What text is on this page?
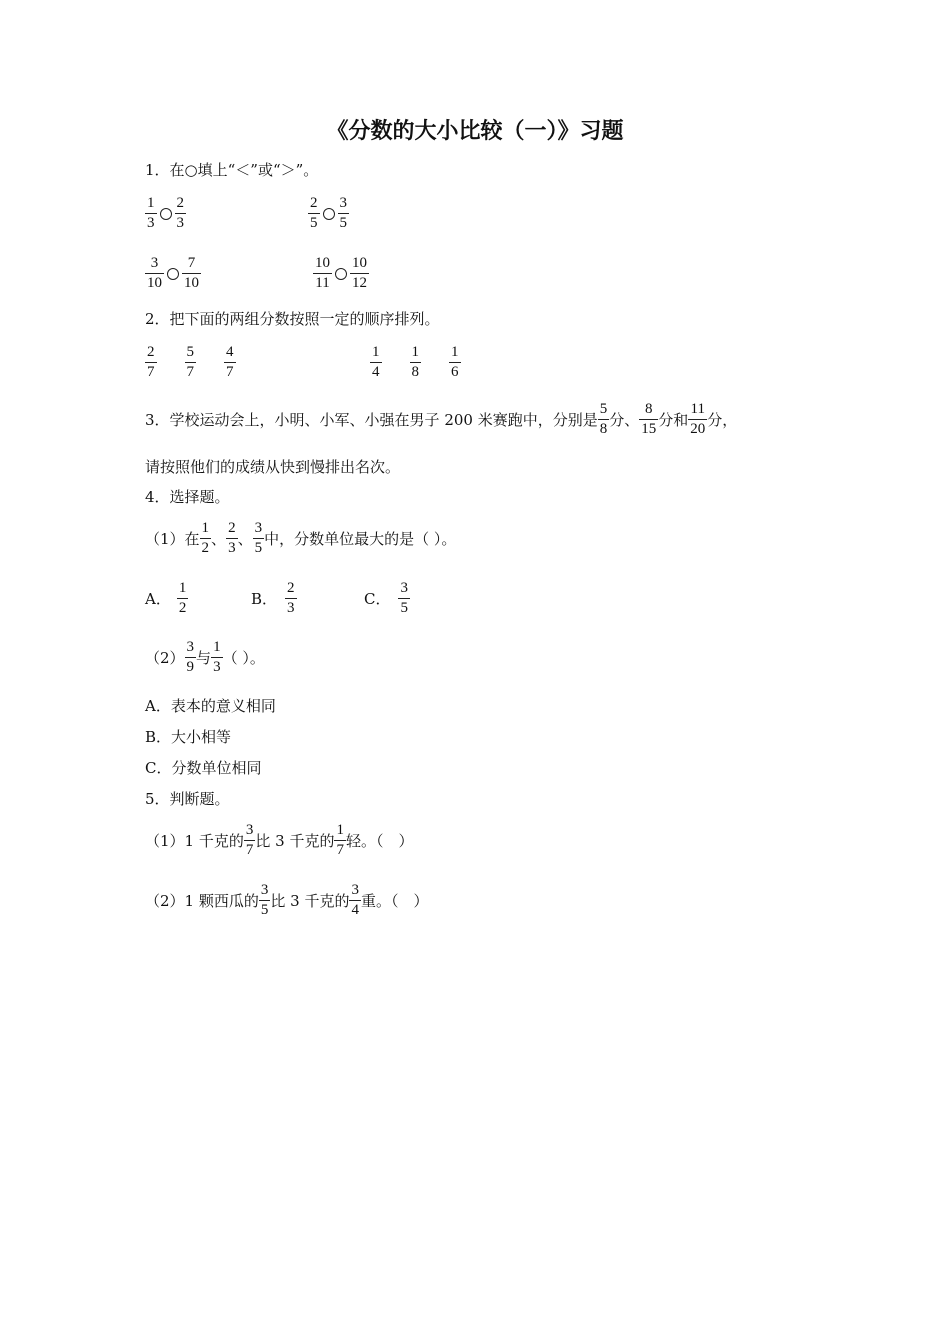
《分数的大小比较（一）》习题
1．在○填上“＜”或“＞”。
$\frac{1}{3} \frac{2}{3}$	$\frac{2}{5} \frac{3}{5}$
$\frac{3}{10} \frac{7}{10}$	$\frac{10}{11} \frac{10}{12}$
2．把下面的两组分数按照一定的顺序排列。
$\frac{2}{7} \frac{5}{7} \frac{4}{7}$	$\frac{1}{4} \frac{1}{8} \frac{1}{6}$
3．学校运动会上，小明、小军、小强在男子 200 米赛跑中，分别是 $\frac{5}{8}$ 分、 $\frac{8}{15}$ 分和 $\frac{11}{20}$ 分，
请按照他们的成绩从快到慢排出名次。
4．选择题。
（1）在 $\frac{1}{2}$ 、 $\frac{2}{3}$ 、 $\frac{3}{5}$ 中，分数单位最大的是（ ）。
A． $\frac{1}{2}$	B． $\frac{2}{3}$	C． $\frac{3}{5}$
$(2) \frac{3}{9}$ 与 $\frac{1}{3}$ （ ）。
A．表本的意义相同
B．大小相等
C．分数单位相同
5．判断题。
（1）1 千克的 $\frac{3}{7}$ 比 3 千克的 $\frac{1}{7}$ 轻。（　）
（2）1 颗西瓜的 $\frac{3}{5}$ 比 3 千克的 $\frac{3}{4}$ 重。（　）
